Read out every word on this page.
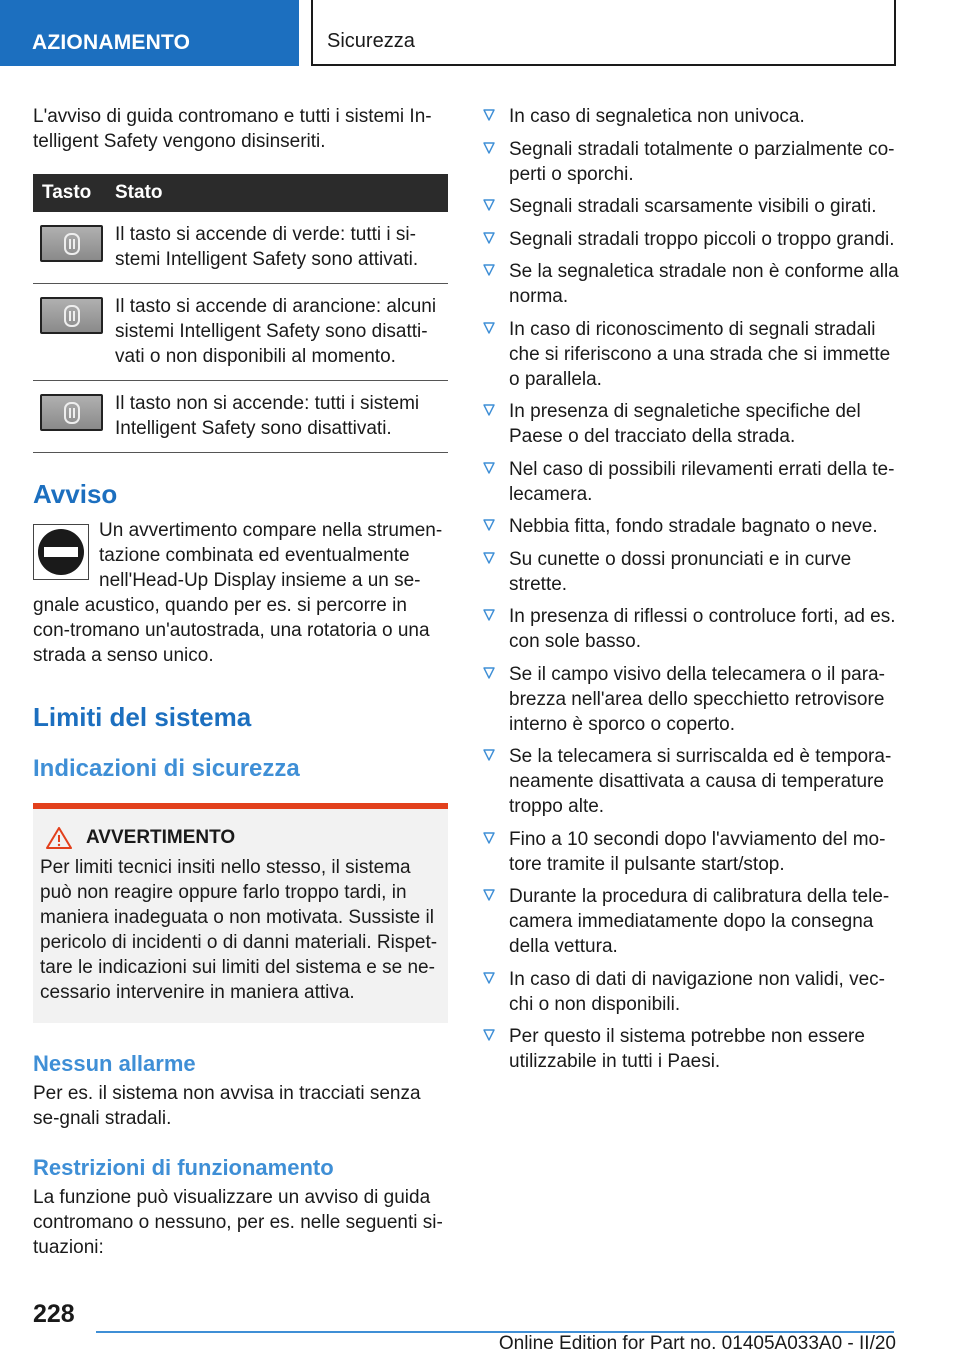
AZIONAMENTO	Sicurezza

L'avviso di guida contromano e tutti i sistemi In-telligent Safety vengono disinseriti.

Tasto	Stato
Il tasto si accende di verde: tutti i si-stemi Intelligent Safety sono attivati.
Il tasto si accende di arancione: alcuni sistemi Intelligent Safety sono disatti-vati o non disponibili al momento.
Il tasto non si accende: tutti i sistemi Intelligent Safety sono disattivati.
Avviso

Un avvertimento compare nella strumen-tazione combinata ed eventualmente nell'Head-Up Display insieme a un se-gnale acustico, quando per es. si percorre in con-tromano un'autostrada, una rotatoria o una strada a senso unico.

Limiti del sistema
Indicazioni di sicurezza
AVVERTIMENTO

Per limiti tecnici insiti nello stesso, il sistema può non reagire oppure farlo troppo tardi, in maniera inadeguata o non motivata. Sussiste il pericolo di incidenti o di danni materiali. Rispet-tare le indicazioni sui limiti del sistema e se ne-cessario intervenire in maniera attiva.

Nessun allarme

Per es. il sistema non avvisa in tracciati senza se-gnali stradali.

Restrizioni di funzionamento

La funzione può visualizzare un avviso di guida contromano o nessuno, per es. nelle seguenti si-tuazioni:

In caso di segnaletica non univoca.
Segnali stradali totalmente o parzialmente co-perti o sporchi.
Segnali stradali scarsamente visibili o girati.
Segnali stradali troppo piccoli o troppo grandi.
Se la segnaletica stradale non è conforme alla norma.
In caso di riconoscimento di segnali stradali che si riferiscono a una strada che si immette o parallela.
In presenza di segnaletiche specifiche del Paese o del tracciato della strada.
Nel caso di possibili rilevamenti errati della te-lecamera.
Nebbia fitta, fondo stradale bagnato o neve.
Su cunette o dossi pronunciati e in curve strette.
In presenza di riflessi o controluce forti, ad es. con sole basso.
Se il campo visivo della telecamera o il para-brezza nell'area dello specchietto retrovisore interno è sporco o coperto.
Se la telecamera si surriscalda ed è tempora-neamente disattivata a causa di temperature troppo alte.
Fino a 10 secondi dopo l'avviamento del mo-tore tramite il pulsante start/stop.
Durante la procedura di calibratura della tele-camera immediatamente dopo la consegna della vettura.
In caso di dati di navigazione non validi, vec-chi o non disponibili.
Per questo il sistema potrebbe non essere utilizzabile in tutti i Paesi.
228
Online Edition for Part no. 01405A033A0 - II/20
